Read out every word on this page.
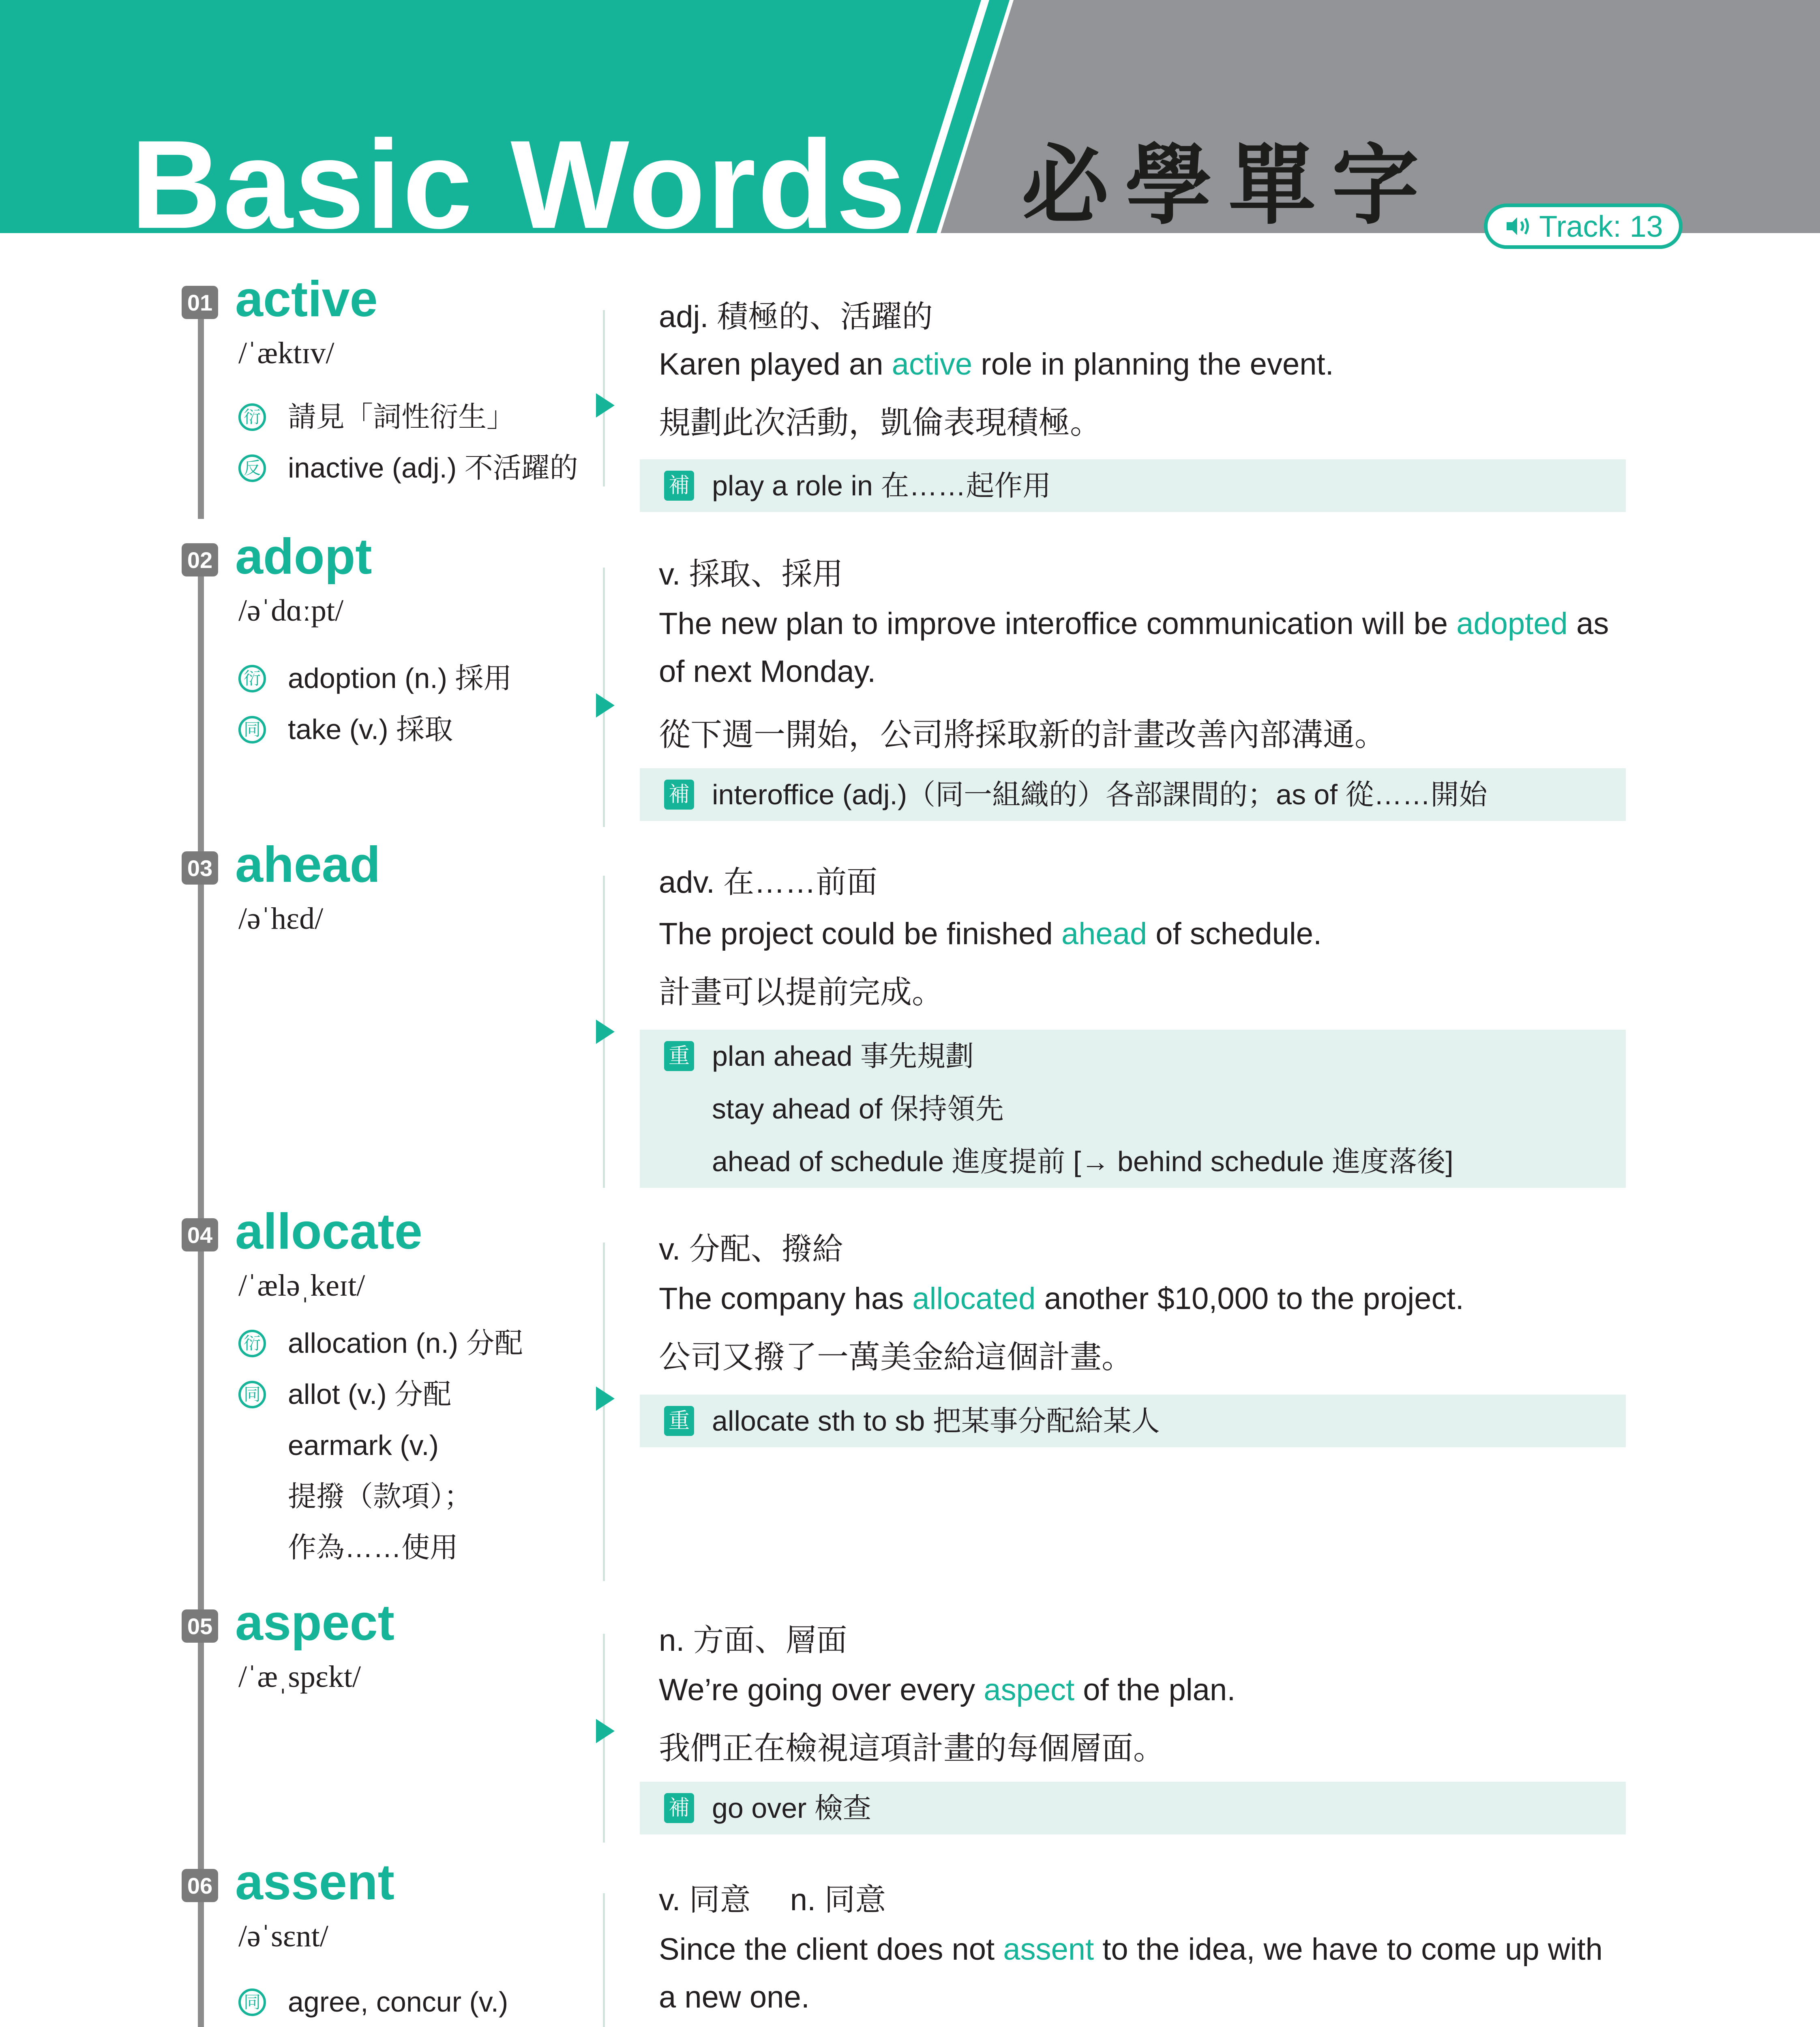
Basic Words 必學單字	Track: 13
01 active
/ˈæktɪv/
衍 請見「詞性衍生」
反 inactive (adj.) 不活躍的
adj. 積極的、活躍的
Karen played an active role in planning the event.
規劃此次活動，凱倫表現積極。
補 play a role in 在……起作用
02 adopt
/əˈdɑːpt/
衍 adoption (n.) 採用
同 take (v.) 採取
v. 採取、採用
The new plan to improve interoffice communication will be adopted as of next Monday.
從下週一開始，公司將採取新的計畫改善內部溝通。
補 interoffice (adj.)（同一組織的）各部課間的；as of 從……開始
03 ahead
/əˈhɛd/
adv. 在……前面
The project could be finished ahead of schedule.
計畫可以提前完成。
重 plan ahead 事先規劃
stay ahead of 保持領先
ahead of schedule 進度提前 [→ behind schedule 進度落後]
04 allocate
/ˈæləˌkeɪt/
衍 allocation (n.) 分配
同 allot (v.) 分配
earmark (v.)
提撥（款項）；
作為……使用
v. 分配、撥給
The company has allocated another $10,000 to the project.
公司又撥了一萬美金給這個計畫。
重 allocate sth to sb 把某事分配給某人
05 aspect
/ˈæˌspɛkt/
n. 方面、層面
We’re going over every aspect of the plan.
我們正在檢視這項計畫的每個層面。
補 go over 檢查
06 assent
/əˈsɛnt/
同 agree, concur (v.)
v. 同意　 n. 同意
Since the client does not assent to the idea, we have to come up with a new one.
